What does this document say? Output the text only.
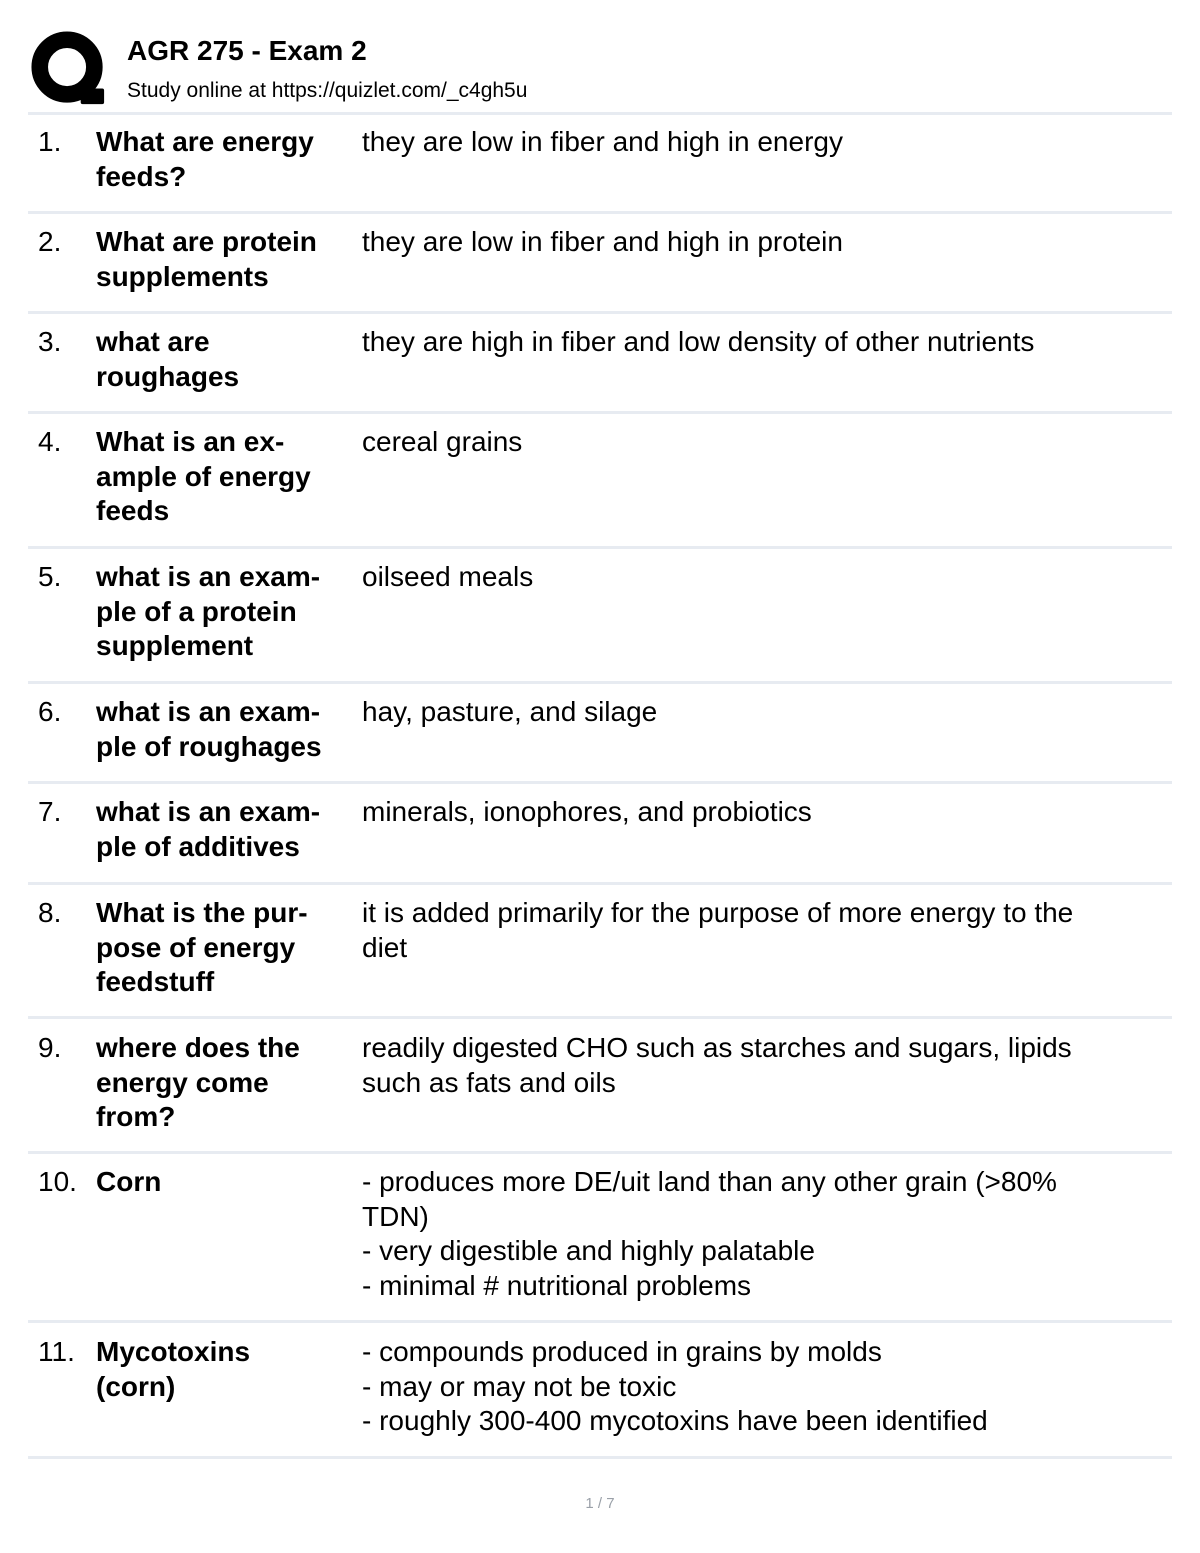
AGR 275 - Exam 2
Study online at https://quizlet.com/_c4gh5u
1. What are energy
feeds?
they are low in fiber and high in energy
2. What are protein
supplements
they are low in fiber and high in protein
3. what are
roughages
they are high in fiber and low density of other nutrients
4. What is an ex-
ample of energy
feeds
cereal grains
5. what is an exam-
ple of a protein
supplement
oilseed meals
6. what is an exam-
ple of roughages
hay, pasture, and silage
7. what is an exam-
ple of additives
minerals, ionophores, and probiotics
8. What is the pur-
pose of energy
feedstuff
it is added primarily for the purpose of more energy to the
diet
9. where does the
energy come
from?
readily digested CHO such as starches and sugars, lipids
such as fats and oils
10. Corn	- produces more DE/uit land than any other grain (>80%
TDN)
- very digestible and highly palatable
- minimal # nutritional problems
11. Mycotoxins
(corn)
- compounds produced in grains by molds
- may or may not be toxic
- roughly 300-400 mycotoxins have been identified
1 / 7
